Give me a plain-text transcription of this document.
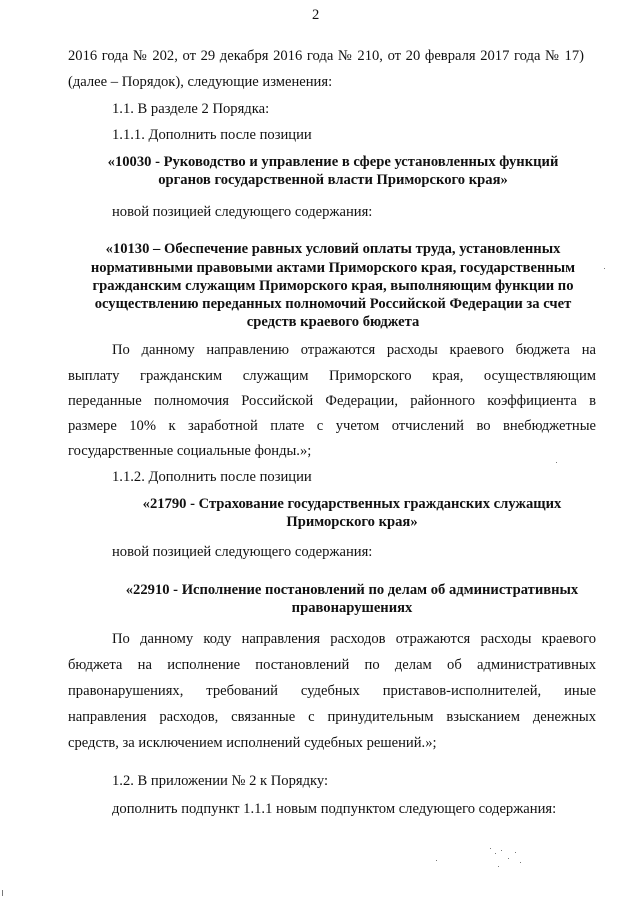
2
2016 года № 202, от 29 декабря 2016 года № 210, от 20 февраля 2017 года № 17)
(далее – Порядок), следующие изменения:
1.1. В разделе 2 Порядка:
1.1.1. Дополнить после позиции
«10030 - Руководство и управление в сфере установленных функций
органов государственной власти Приморского края»
новой позицией следующего содержания:
«10130 – Обеспечение равных условий оплаты труда, установленных
нормативными правовыми актами Приморского края, государственным
гражданским служащим Приморского края, выполняющим функции по
осуществлению переданных полномочий Российской Федерации за счет
средств краевого бюджета
По данному направлению отражаются расходы краевого бюджета на
выплату гражданским служащим Приморского края, осуществляющим
переданные полномочия Российской Федерации, районного коэффициента в
размере 10% к заработной плате с учетом отчислений во внебюджетные
государственные социальные фонды.»;
1.1.2. Дополнить после позиции
«21790 - Страхование государственных гражданских служащих
Приморского края»
новой позицией следующего содержания:
«22910 - Исполнение постановлений по делам об административных
правонарушениях
По данному коду направления расходов отражаются расходы краевого
бюджета на исполнение постановлений по делам об административных
правонарушениях, требований судебных приставов-исполнителей, иные
направления расходов, связанные с принудительным взысканием денежных
средств, за исключением исполнений судебных решений.»;
1.2. В приложении № 2 к Порядку:
дополнить подпункт 1.1.1 новым подпунктом следующего содержания:
